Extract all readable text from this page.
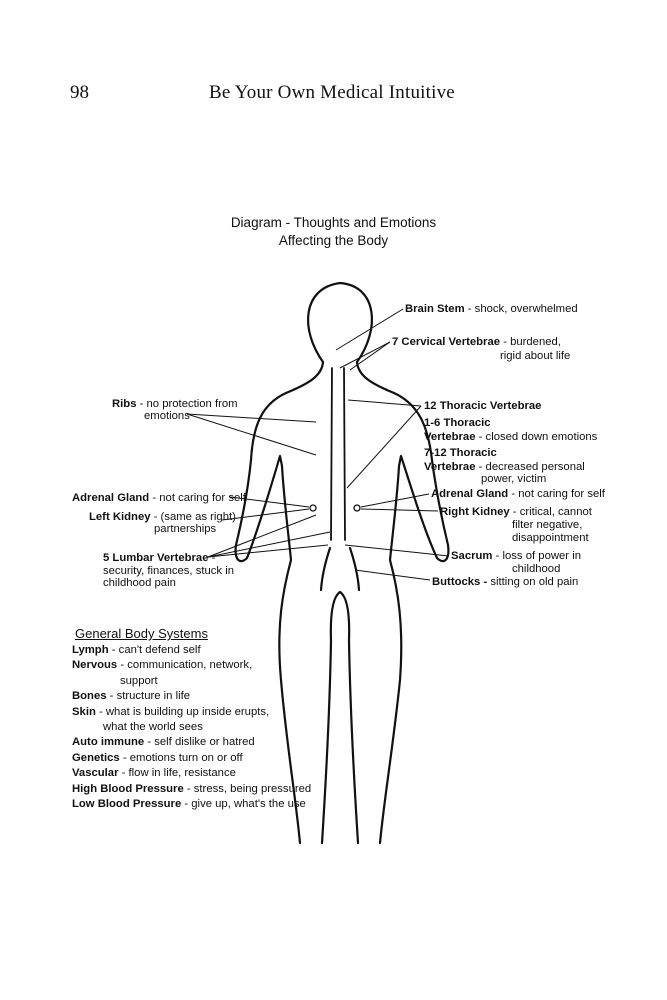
98	Be Your Own Medical Intuitive
Diagram - Thoughts and Emotions
Affecting the Body
Brain Stem - shock, overwhelmed
7 Cervical Vertebrae - burdened,
rigid about life
12 Thoracic Vertebrae
1-6 Thoracic
Vertebrae - closed down emotions
7-12 Thoracic
Vertebrae - decreased personal
power, victim
Adrenal Gland - not caring for self
Right Kidney - critical, cannot
filter negative,
disappointment
Sacrum - loss of power in
childhood
Buttocks - sitting on old pain
Ribs - no protection from
emotions
Adrenal Gland - not caring for self
Left Kidney - (same as right)
partnerships
5 Lumbar Vertebrae -
security, finances, stuck in
childhood pain
General Body Systems
Lymph - can't defend self
Nervous - communication, network,
support
Bones - structure in life
Skin - what is building up inside erupts,
what the world sees
Auto immune - self dislike or hatred
Genetics - emotions turn on or off
Vascular - flow in life, resistance
High Blood Pressure - stress, being pressured
Low Blood Pressure - give up, what's the use
